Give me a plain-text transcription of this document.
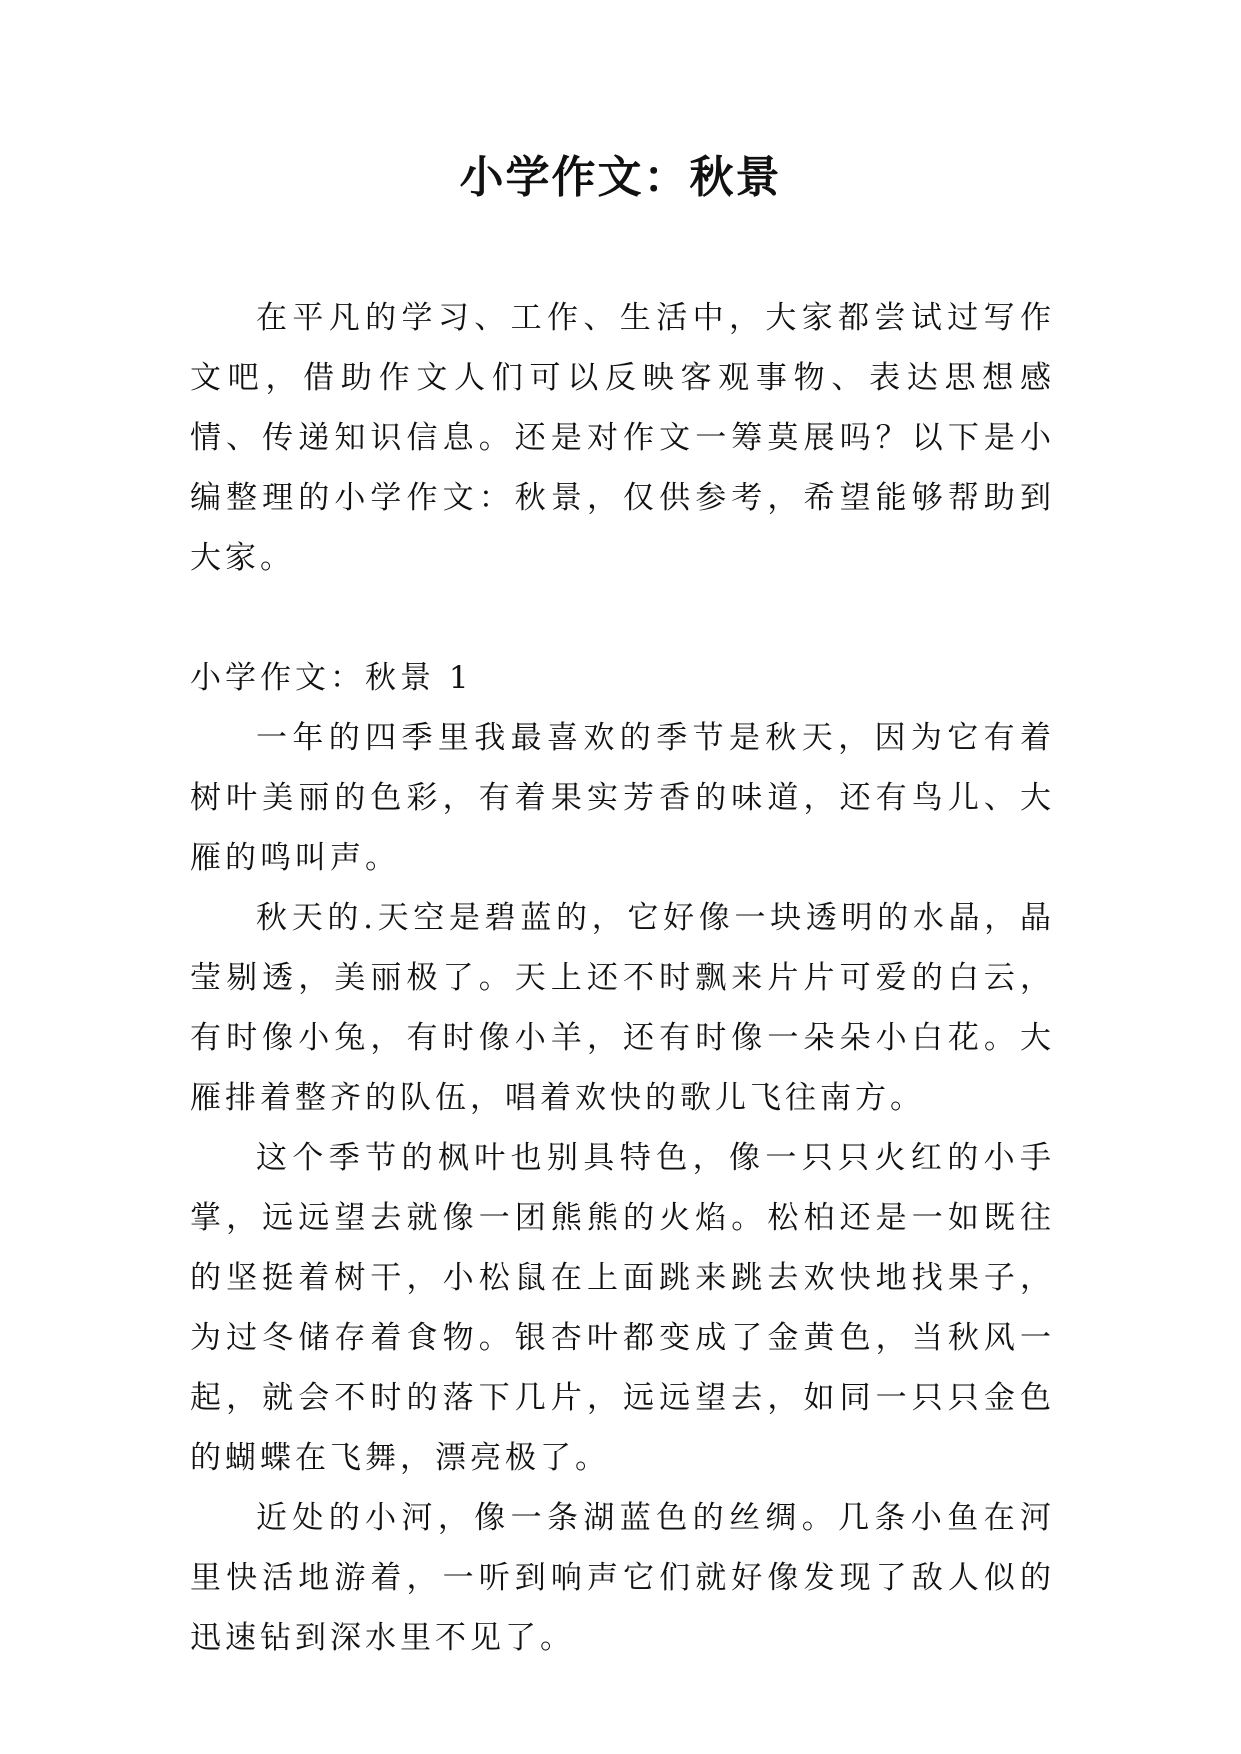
小学作文：秋景

在平凡的学习、工作、生活中，大家都尝试过写作文吧，借助作文人们可以反映客观事物、表达思想感情、传递知识信息。还是对作文一筹莫展吗？以下是小编整理的小学作文：秋景，仅供参考，希望能够帮助到大家。

小学作文：秋景 1

一年的四季里我最喜欢的季节是秋天，因为它有着树叶美丽的色彩，有着果实芳香的味道，还有鸟儿、大雁的鸣叫声。

秋天的.天空是碧蓝的，它好像一块透明的水晶，晶莹剔透，美丽极了。天上还不时飘来片片可爱的白云，有时像小兔，有时像小羊，还有时像一朵朵小白花。大雁排着整齐的队伍，唱着欢快的歌儿飞往南方。

这个季节的枫叶也别具特色，像一只只火红的小手掌，远远望去就像一团熊熊的火焰。松柏还是一如既往的坚挺着树干，小松鼠在上面跳来跳去欢快地找果子，为过冬储存着食物。银杏叶都变成了金黄色，当秋风一起，就会不时的落下几片，远远望去，如同一只只金色的蝴蝶在飞舞，漂亮极了。

近处的小河，像一条湖蓝色的丝绸。几条小鱼在河里快活地游着，一听到响声它们就好像发现了敌人似的迅速钻到深水里不见了。
